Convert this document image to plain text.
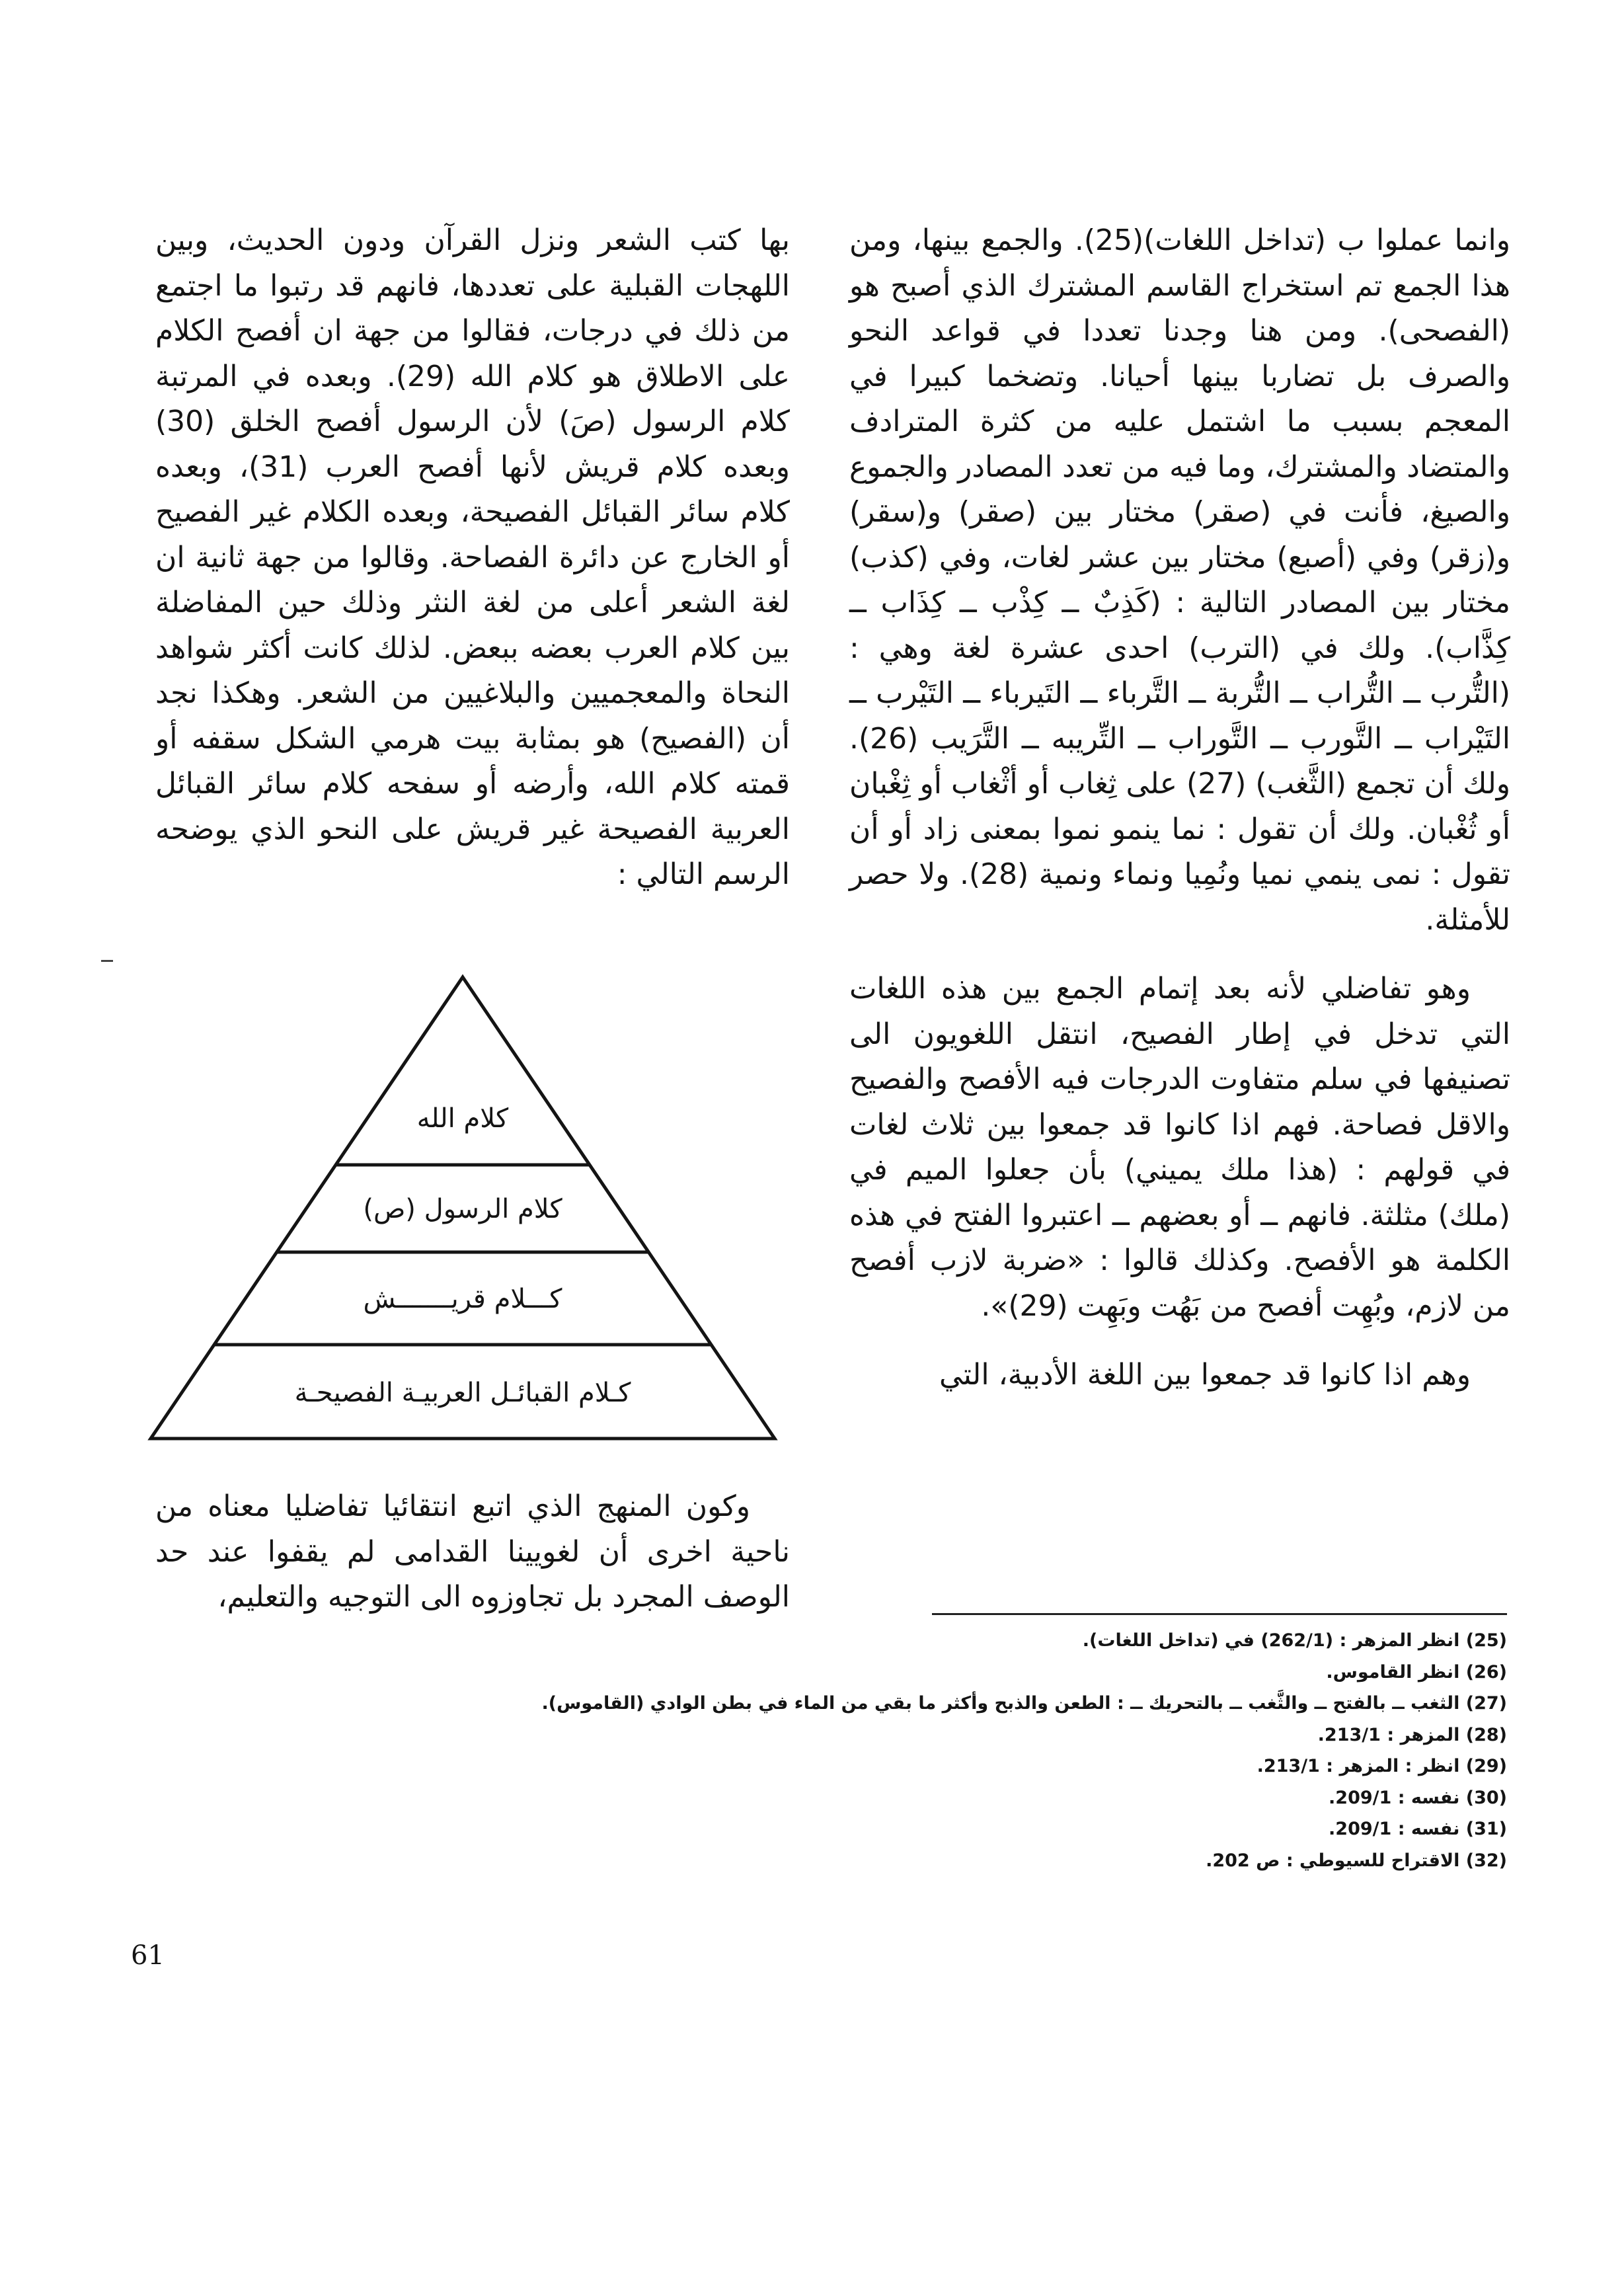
وانما عملوا ب (تداخل اللغات)(25). والجمع بينها، ومن هذا الجمع تم استخراج القاسم المشترك الذي أصبح هو (الفصحى). ومن هنا وجدنا تعددا في قواعد النحو والصرف بل تضاربا بينها أحيانا. وتضخما كبيرا في المعجم بسبب ما اشتمل عليه من كثرة المترادف والمتضاد والمشترك، وما فيه من تعدد المصادر والجموع والصيغ، فأنت في (صقر) مختار بين (صقر) و(سقر) و(زقر) وفي (أصبع) مختار بين عشر لغات، وفي (كذب) مختار بين المصادر التالية : (كَذِبٌ ــ كِذْب ــ كِذَاب ــ كِذَّاب). ولك في (الترب) احدى عشرة لغة وهي : (التُّرب ــ التُّراب ــ التُّربة ــ التَّرباء ــ التَيرباء ــ التَيْرب ــ التَيْراب ــ التَّورب ــ التَّوراب ــ التِّريبه ــ التَّرَيب (26). ولك أن تجمع (الثَّغب) (27) على ثِغاب أو أثْغاب أو ثِغْبان أو ثُغْبان. ولك أن تقول : نما ينمو نموا بمعنى زاد أو أن تقول : نمى ينمي نميا ونُمِيا ونماء ونمية (28). ولا حصر للأمثلة.

وهو تفاضلي لأنه بعد إتمام الجمع بين هذه اللغات التي تدخل في إطار الفصيح، انتقل اللغويون الى تصنيفها في سلم متفاوت الدرجات فيه الأفصح والفصيح والاقل فصاحة. فهم اذا كانوا قد جمعوا بين ثلاث لغات في قولهم : (هذا ملك يميني) بأن جعلوا الميم في (ملك) مثلثة. فانهم ــ أو بعضهم ــ اعتبروا الفتح في هذه الكلمة هو الأفصح. وكذلك قالوا : «ضربة لازب أفصح من لازم، وبُهِت أفصح من بَهُت وبَهِت (29)».

وهم اذا كانوا قد جمعوا بين اللغة الأدبية، التي

بها كتب الشعر ونزل القرآن ودون الحديث، وبين اللهجات القبلية على تعددها، فانهم قد رتبوا ما اجتمع من ذلك في درجات، فقالوا من جهة ان أفصح الكلام على الاطلاق هو كلام الله (29). وبعده في المرتبة كلام الرسول (صَ) لأن الرسول أفصح الخلق (30) وبعده كلام قريش لأنها أفصح العرب (31)، وبعده كلام سائر القبائل الفصيحة، وبعده الكلام غير الفصيح أو الخارج عن دائرة الفصاحة. وقالوا من جهة ثانية ان لغة الشعر أعلى من لغة النثر وذلك حين المفاضلة بين كلام العرب بعضه ببعض. لذلك كانت أكثر شواهد النحاة والمعجميين والبلاغيين من الشعر. وهكذا نجد أن (الفصيح) هو بمثابة بيت هرمي الشكل سقفه أو قمته كلام الله، وأرضه أو سفحه كلام سائر القبائل العربية الفصيحة غير قريش على النحو الذي يوضحه الرسم التالي :

كلام الله
كلام الرسول (ص)
كـــلام قريـــــــش
كـلام القبائـل العربيـة الفصيحـة

وكون المنهج الذي اتبع انتقائيا تفاضليا معناه من ناحية اخرى أن لغويينا القدامى لم يقفوا عند حد الوصف المجرد بل تجاوزوه الى التوجيه والتعليم،

(25) انظر المزهر : (262/1) في (تداخل اللغات).
(26) انظر القاموس.
(27) الثغب ــ بالفتح ــ والثَّغب ــ بالتحريك ــ : الطعن والذبح وأكثر ما بقي من الماء في بطن الوادي (القاموس).
(28) المزهر : 213/1.
(29) انظر : المزهر : 213/1.
(30) نفسه : 209/1.
(31) نفسه : 209/1.
(32) الاقتراح للسيوطي : ص 202.
61
